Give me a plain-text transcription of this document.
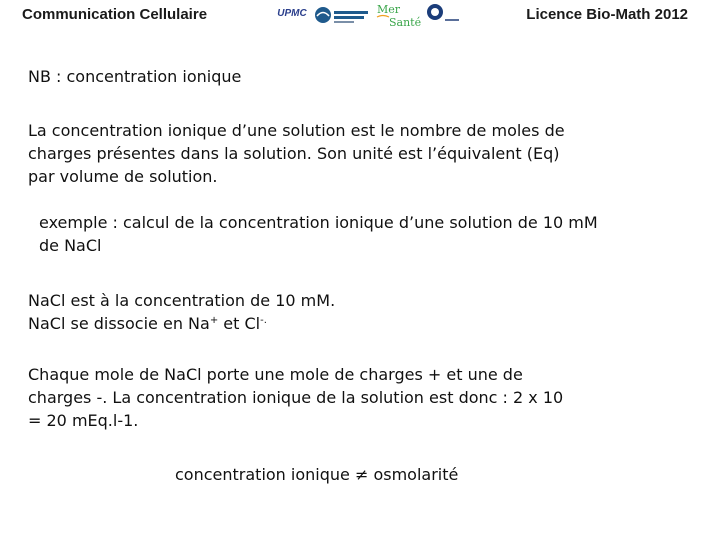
Communication Cellulaire	UPMC	Mer
Santé	Licence Bio-Math 2012
NB : concentration ionique
La concentration ionique d’une solution est le nombre de moles de
charges présentes dans la solution. Son unité est l’équivalent (Eq)
par volume de solution.
exemple : calcul de la concentration ionique d’une solution de 10 mM
de NaCl
NaCl est à la concentration de 10 mM.
NaCl se dissocie en Na+ et Cl-.
Chaque mole de NaCl porte une mole de charges + et une de
charges -. La concentration ionique de la solution est donc : 2 x 10
= 20 mEq.l-1.
concentration ionique ≠ osmolarité
